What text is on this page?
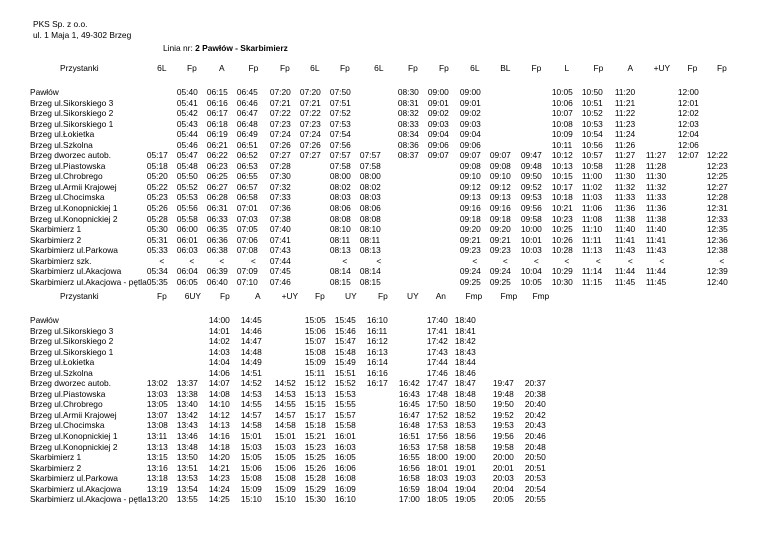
PKS Sp. z o.o.
ul. 1 Maja 1, 49-302 Brzeg
Linia nr: 2 Pawłów - Skarbimierz
Przystanki	6L	Fp	A	Fp	Fp	6L	Fp	6L	Fp	Fp	6L	BL	Fp	L	Fp	A	+UY	Fp	Fp

Pawłów		05:40	06:15	06:45	07:20	07:20	07:50		08:30	09:00	09:00			10:05	10:50	11:20		12:00	
Brzeg ul.Sikorskiego 3		05:41	06:16	06:46	07:21	07:21	07:51		08:31	09:01	09:01			10:06	10:51	11:21		12:01	
Brzeg ul.Sikorskiego 2		05:42	06:17	06:47	07:22	07:22	07:52		08:32	09:02	09:02			10:07	10:52	11:22		12:02	
Brzeg ul.Sikorskiego 1		05:43	06:18	06:48	07:23	07:23	07:53		08:33	09:03	09:03			10:08	10:53	11:23		12:03	
Brzeg ul.Łokietka		05:44	06:19	06:49	07:24	07:24	07:54		08:34	09:04	09:04			10:09	10:54	11:24		12:04	
Brzeg ul.Szkolna		05:46	06:21	06:51	07:26	07:26	07:56		08:36	09:06	09:06			10:11	10:56	11:26		12:06	
Brzeg dworzec autob.	05:17	05:47	06:22	06:52	07:27	07:27	07:57	07:57	08:37	09:07	09:07	09:07	09:47	10:12	10:57	11:27	11:27	12:07	12:22
Brzeg ul.Piastowska	05:18	05:48	06:23	06:53	07:28		07:58	07:58			09:08	09:08	09:48	10:13	10:58	11:28	11:28		12:23
Brzeg ul.Chrobrego	05:20	05:50	06:25	06:55	07:30		08:00	08:00			09:10	09:10	09:50	10:15	11:00	11:30	11:30		12:25
Brzeg ul.Armii Krajowej	05:22	05:52	06:27	06:57	07:32		08:02	08:02			09:12	09:12	09:52	10:17	11:02	11:32	11:32		12:27
Brzeg ul.Chocimska	05:23	05:53	06:28	06:58	07:33		08:03	08:03			09:13	09:13	09:53	10:18	11:03	11:33	11:33		12:28
Brzeg ul.Konopnickiej 1	05:26	05:56	06:31	07:01	07:36		08:06	08:06			09:16	09:16	09:56	10:21	11:06	11:36	11:36		12:31
Brzeg ul.Konopnickiej 2	05:28	05:58	06:33	07:03	07:38		08:08	08:08			09:18	09:18	09:58	10:23	11:08	11:38	11:38		12:33
Skarbimierz 1	05:30	06:00	06:35	07:05	07:40		08:10	08:10			09:20	09:20	10:00	10:25	11:10	11:40	11:40		12:35
Skarbimierz 2	05:31	06:01	06:36	07:06	07:41		08:11	08:11			09:21	09:21	10:01	10:26	11:11	11:41	11:41		12:36
Skarbimierz ul.Parkowa	05:33	06:03	06:38	07:08	07:43		08:13	08:13			09:23	09:23	10:03	10:28	11:13	11:43	11:43		12:38
Skarbimierz szk.	<	<	<	<	07:44		<	<			<	<	<	<	<	<	<		<
Skarbimierz ul.Akacjowa	05:34	06:04	06:39	07:09	07:45		08:14	08:14			09:24	09:24	10:04	10:29	11:14	11:44	11:44		12:39
Skarbimierz ul.Akacjowa - pętla	05:35	06:05	06:40	07:10	07:46		08:15	08:15			09:25	09:25	10:05	10:30	11:15	11:45	11:45		12:40
Przystanki	Fp	6UY	Fp	A	+UY	Fp	UY	Fp	UY	An	Fmp	Fmp	Fmp

Pawłów			14:00	14:45		15:05	15:45	16:10		17:40	18:40		
Brzeg ul.Sikorskiego 3			14:01	14:46		15:06	15:46	16:11		17:41	18:41		
Brzeg ul.Sikorskiego 2			14:02	14:47		15:07	15:47	16:12		17:42	18:42		
Brzeg ul.Sikorskiego 1			14:03	14:48		15:08	15:48	16:13		17:43	18:43		
Brzeg ul.Łokietka			14:04	14:49		15:09	15:49	16:14		17:44	18:44		
Brzeg ul.Szkolna			14:06	14:51		15:11	15:51	16:16		17:46	18:46		
Brzeg dworzec autob.	13:02	13:37	14:07	14:52	14:52	15:12	15:52	16:17	16:42	17:47	18:47	19:47	20:37
Brzeg ul.Piastowska	13:03	13:38	14:08	14:53	14:53	15:13	15:53		16:43	17:48	18:48	19:48	20:38
Brzeg ul.Chrobrego	13:05	13:40	14:10	14:55	14:55	15:15	15:55		16:45	17:50	18:50	19:50	20:40
Brzeg ul.Armii Krajowej	13:07	13:42	14:12	14:57	14:57	15:17	15:57		16:47	17:52	18:52	19:52	20:42
Brzeg ul.Chocimska	13:08	13:43	14:13	14:58	14:58	15:18	15:58		16:48	17:53	18:53	19:53	20:43
Brzeg ul.Konopnickiej 1	13:11	13:46	14:16	15:01	15:01	15:21	16:01		16:51	17:56	18:56	19:56	20:46
Brzeg ul.Konopnickiej 2	13:13	13:48	14:18	15:03	15:03	15:23	16:03		16:53	17:58	18:58	19:58	20:48
Skarbimierz 1	13:15	13:50	14:20	15:05	15:05	15:25	16:05		16:55	18:00	19:00	20:00	20:50
Skarbimierz 2	13:16	13:51	14:21	15:06	15:06	15:26	16:06		16:56	18:01	19:01	20:01	20:51
Skarbimierz ul.Parkowa	13:18	13:53	14:23	15:08	15:08	15:28	16:08		16:58	18:03	19:03	20:03	20:53
Skarbimierz ul.Akacjowa	13:19	13:54	14:24	15:09	15:09	15:29	16:09		16:59	18:04	19:04	20:04	20:54
Skarbimierz ul.Akacjowa - pętla	13:20	13:55	14:25	15:10	15:10	15:30	16:10		17:00	18:05	19:05	20:05	20:55
